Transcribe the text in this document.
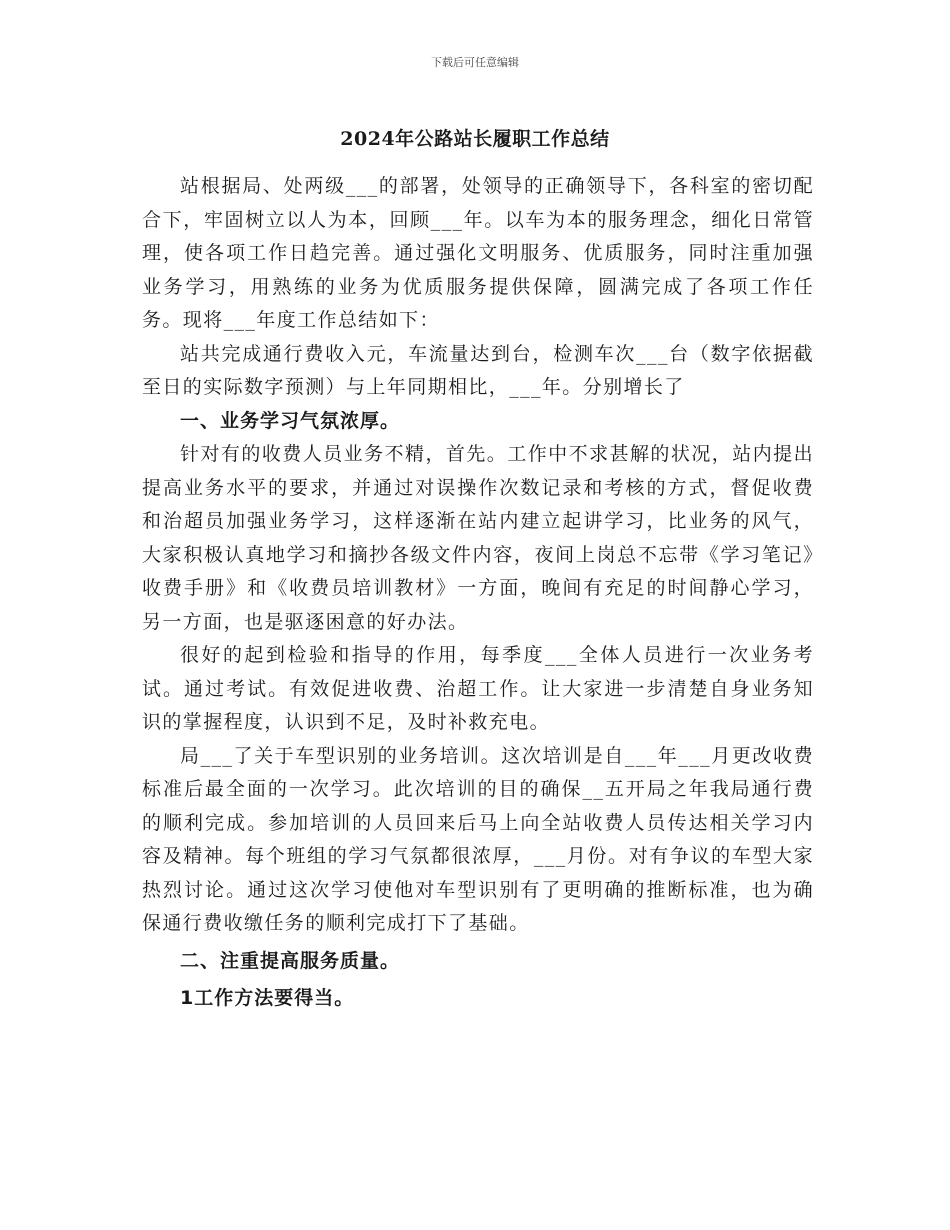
下载后可任意编辑
2024年公路站长履职工作总结

站根据局、处两级___的部署，处领导的正确领导下，各科室的密切配合下，牢固树立以人为本，回顾___年。以车为本的服务理念，细化日常管理，使各项工作日趋完善。通过强化文明服务、优质服务，同时注重加强业务学习，用熟练的业务为优质服务提供保障，圆满完成了各项工作任务。现将___年度工作总结如下：

站共完成通行费收入元，车流量达到台，检测车次___台（数字依据截至日的实际数字预测）与上年同期相比，___年。分别增长了

一、业务学习气氛浓厚。

针对有的收费人员业务不精，首先。工作中不求甚解的状况，站内提出提高业务水平的要求，并通过对误操作次数记录和考核的方式，督促收费和治超员加强业务学习，这样逐渐在站内建立起讲学习，比业务的风气，大家积极认真地学习和摘抄各级文件内容，夜间上岗总不忘带《学习笔记》收费手册》和《收费员培训教材》一方面，晚间有充足的时间静心学习，另一方面，也是驱逐困意的好办法。

很好的起到检验和指导的作用，每季度___全体人员进行一次业务考试。通过考试。有效促进收费、治超工作。让大家进一步清楚自身业务知识的掌握程度，认识到不足，及时补救充电。

局___了关于车型识别的业务培训。这次培训是自___年___月更改收费标准后最全面的一次学习。此次培训的目的确保__五开局之年我局通行费的顺利完成。参加培训的人员回来后马上向全站收费人员传达相关学习内容及精神。每个班组的学习气氛都很浓厚，___月份。对有争议的车型大家热烈讨论。通过这次学习使他对车型识别有了更明确的推断标准，也为确保通行费收缴任务的顺利完成打下了基础。

二、注重提高服务质量。

1工作方法要得当。
